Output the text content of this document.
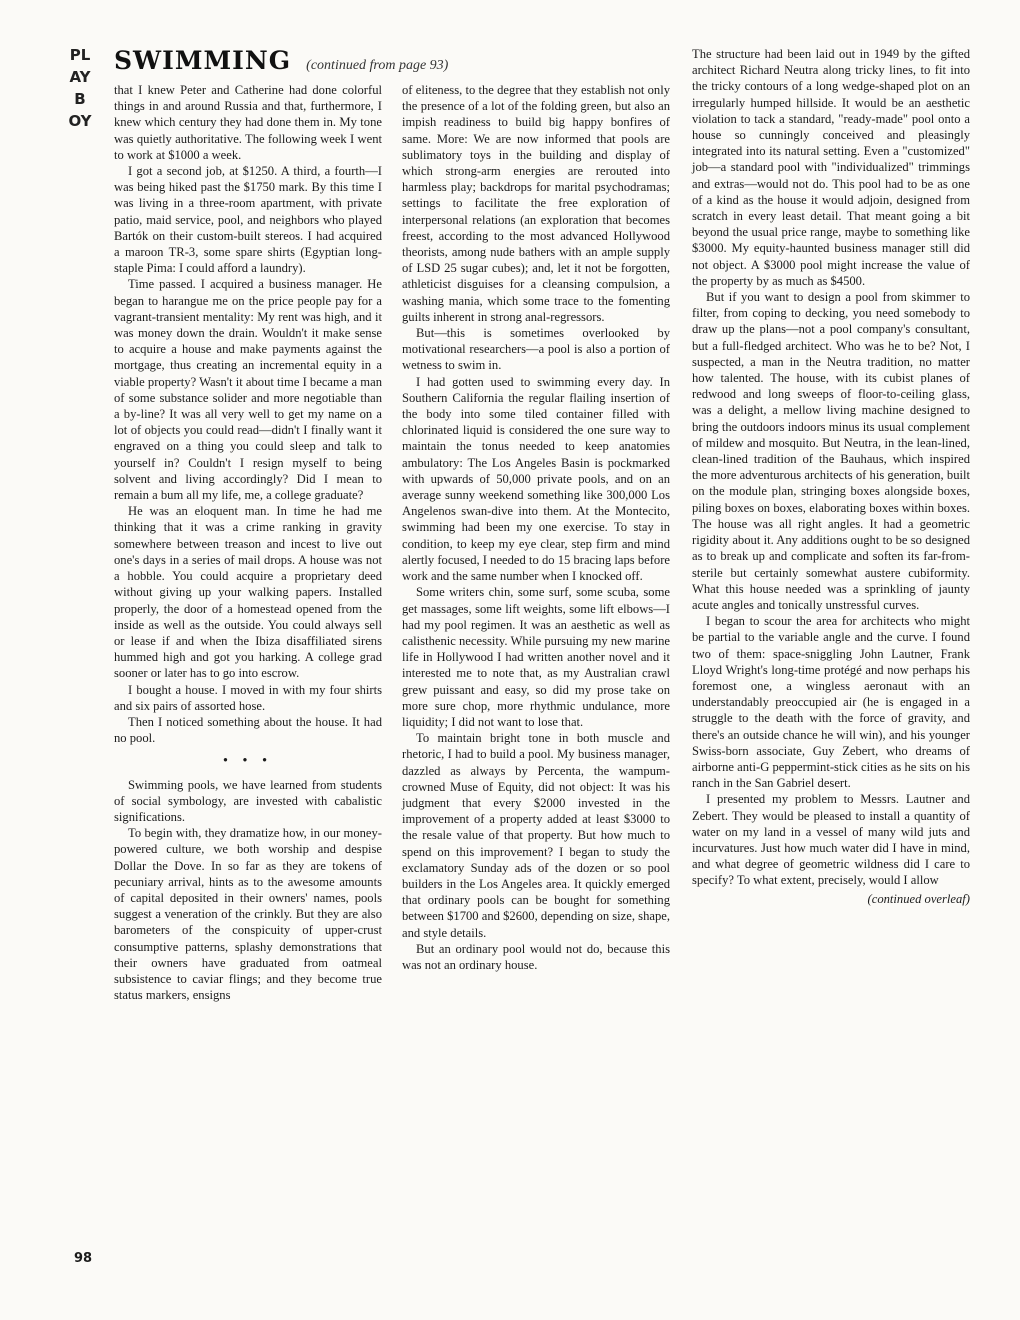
PLAYBOY
SWIMMING (continued from page 93)

that I knew Peter and Catherine had done colorful things in and around Russia and that, furthermore, I knew which century they had done them in. My tone was quietly authoritative. The following week I went to work at $1000 a week.

I got a second job, at $1250. A third, a fourth—I was being hiked past the $1750 mark. By this time I was living in a three-room apartment, with private patio, maid service, pool, and neighbors who played Bartók on their custom-built stereos. I had acquired a maroon TR-3, some spare shirts (Egyptian long-staple Pima: I could afford a laundry).

Time passed. I acquired a business manager. He began to harangue me on the price people pay for a vagrant-transient mentality: My rent was high, and it was money down the drain. Wouldn't it make sense to acquire a house and make payments against the mortgage, thus creating an incremental equity in a viable property? Wasn't it about time I became a man of some substance solider and more negotiable than a by-line? It was all very well to get my name on a lot of objects you could read—didn't I finally want it engraved on a thing you could sleep and talk to yourself in? Couldn't I resign myself to being solvent and living accordingly? Did I mean to remain a bum all my life, me, a college graduate?

He was an eloquent man. In time he had me thinking that it was a crime ranking in gravity somewhere between treason and incest to live out one's days in a series of mail drops. A house was not a hobble. You could acquire a proprietary deed without giving up your walking papers. Installed properly, the door of a homestead opened from the inside as well as the outside. You could always sell or lease if and when the Ibiza disaffiliated sirens hummed high and got you harking. A college grad sooner or later has to go into escrow.

I bought a house. I moved in with my four shirts and six pairs of assorted hose.

Then I noticed something about the house. It had no pool.

• • •

Swimming pools, we have learned from students of social symbology, are invested with cabalistic significations.

To begin with, they dramatize how, in our money-powered culture, we both worship and despise Dollar the Dove. In so far as they are tokens of pecuniary arrival, hints as to the awesome amounts of capital deposited in their owners' names, pools suggest a veneration of the crinkly. But they are also barometers of the conspicuity of upper-crust consumptive patterns, splashy demonstrations that their owners have graduated from oatmeal subsistence to caviar flings; and they become true status markers, ensigns

of eliteness, to the degree that they establish not only the presence of a lot of the folding green, but also an impish readiness to build big happy bonfires of same. More: We are now informed that pools are sublimatory toys in the building and display of which strong-arm energies are rerouted into harmless play; backdrops for marital psychodramas; settings to facilitate the free exploration of interpersonal relations (an exploration that becomes freest, according to the most advanced Hollywood theorists, among nude bathers with an ample supply of LSD 25 sugar cubes); and, let it not be forgotten, athleticist disguises for a cleansing compulsion, a washing mania, which some trace to the fomenting guilts inherent in strong anal-regressors.

But—this is sometimes overlooked by motivational researchers—a pool is also a portion of wetness to swim in.

I had gotten used to swimming every day. In Southern California the regular flailing insertion of the body into some tiled container filled with chlorinated liquid is considered the one sure way to maintain the tonus needed to keep anatomies ambulatory: The Los Angeles Basin is pockmarked with upwards of 50,000 private pools, and on an average sunny weekend something like 300,000 Los Angelenos swan-dive into them. At the Montecito, swimming had been my one exercise. To stay in condition, to keep my eye clear, step firm and mind alertly focused, I needed to do 15 bracing laps before work and the same number when I knocked off.

Some writers chin, some surf, some scuba, some get massages, some lift weights, some lift elbows—I had my pool regimen. It was an aesthetic as well as calisthenic necessity. While pursuing my new marine life in Hollywood I had written another novel and it interested me to note that, as my Australian crawl grew puissant and easy, so did my prose take on more sure chop, more rhythmic undulance, more liquidity; I did not want to lose that.

To maintain bright tone in both muscle and rhetoric, I had to build a pool. My business manager, dazzled as always by Percenta, the wampum-crowned Muse of Equity, did not object: It was his judgment that every $2000 invested in the improvement of a property added at least $3000 to the resale value of that property. But how much to spend on this improvement? I began to study the exclamatory Sunday ads of the dozen or so pool builders in the Los Angeles area. It quickly emerged that ordinary pools can be bought for something between $1700 and $2600, depending on size, shape, and style details.

But an ordinary pool would not do, because this was not an ordinary house.

The structure had been laid out in 1949 by the gifted architect Richard Neutra along tricky lines, to fit into the tricky contours of a long wedge-shaped plot on an irregularly humped hillside. It would be an aesthetic violation to tack a standard, "ready-made" pool onto a house so cunningly conceived and pleasingly integrated into its natural setting. Even a "customized" job—a standard pool with "individualized" trimmings and extras—would not do. This pool had to be as one of a kind as the house it would adjoin, designed from scratch in every least detail. That meant going a bit beyond the usual price range, maybe to something like $3000. My equity-haunted business manager still did not object. A $3000 pool might increase the value of the property by as much as $4500.

But if you want to design a pool from skimmer to filter, from coping to decking, you need somebody to draw up the plans—not a pool company's consultant, but a full-fledged architect. Who was he to be? Not, I suspected, a man in the Neutra tradition, no matter how talented. The house, with its cubist planes of redwood and long sweeps of floor-to-ceiling glass, was a delight, a mellow living machine designed to bring the outdoors indoors minus its usual complement of mildew and mosquito. But Neutra, in the lean-lined, clean-lined tradition of the Bauhaus, which inspired the more adventurous architects of his generation, built on the module plan, stringing boxes alongside boxes, piling boxes on boxes, elaborating boxes within boxes. The house was all right angles. It had a geometric rigidity about it. Any additions ought to be so designed as to break up and complicate and soften its far-from-sterile but certainly somewhat austere cubiformity. What this house needed was a sprinkling of jaunty acute angles and tonically unstressful curves.

I began to scour the area for architects who might be partial to the variable angle and the curve. I found two of them: space-sniggling John Lautner, Frank Lloyd Wright's long-time protégé and now perhaps his foremost one, a wingless aeronaut with an understandably preoccupied air (he is engaged in a struggle to the death with the force of gravity, and there's an outside chance he will win), and his younger Swiss-born associate, Guy Zebert, who dreams of airborne anti-G peppermint-stick cities as he sits on his ranch in the San Gabriel desert.

I presented my problem to Messrs. Lautner and Zebert. They would be pleased to install a quantity of water on my land in a vessel of many wild juts and incurvatures. Just how much water did I have in mind, and what degree of geometric wildness did I care to specify? To what extent, precisely, would I allow

(continued overleaf)

98
